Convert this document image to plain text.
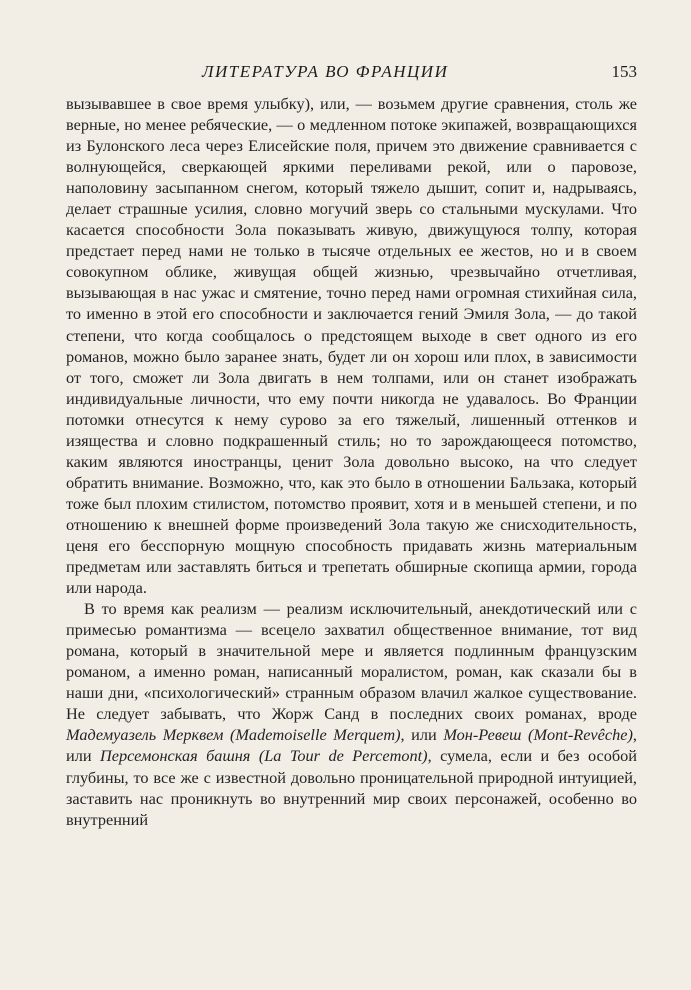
ЛИТЕРАТУРА ВО ФРАНЦИИ	153

вызывавшее в свое время улыбку), или, — возьмем другие сравнения, столь же верные, но менее ребяческие, — о медленном потоке экипажей, возвращающихся из Булонского леса через Елисейские поля, причем это движение сравнивается с волнующейся, сверкающей яркими переливами рекой, или о паровозе, наполовину засыпанном снегом, который тяжело дышит, сопит и, надрываясь, делает страшные усилия, словно могучий зверь со стальными мускулами. Что касается способности Зола показывать живую, движущуюся толпу, которая предстает перед нами не только в тысяче отдельных ее жестов, но и в своем совокупном облике, живущая общей жизнью, чрезвычайно отчетливая, вызывающая в нас ужас и смятение, точно перед нами огромная стихийная сила, то именно в этой его способности и заключается гений Эмиля Зола, — до такой степени, что когда сообщалось о предстоящем выходе в свет одного из его романов, можно было заранее знать, будет ли он хорош или плох, в зависимости от того, сможет ли Зола двигать в нем толпами, или он станет изображать индивидуальные личности, что ему почти никогда не удавалось. Во Франции потомки отнесутся к нему сурово за его тяжелый, лишенный оттенков и изящества и словно подкрашенный стиль; но то зарождающееся потомство, каким являются иностранцы, ценит Зола довольно высоко, на что следует обратить внимание. Возможно, что, как это было в отношении Бальзака, который тоже был плохим стилистом, потомство проявит, хотя и в меньшей степени, и по отношению к внешней форме произведений Зола такую же снисходительность, ценя его бесспорную мощную способность придавать жизнь материальным предметам или заставлять биться и трепетать обширные скопища армии, города или народа.

В то время как реализм — реализм исключительный, анекдотический или с примесью романтизма — всецело захватил общественное внимание, тот вид романа, который в значительной мере и является подлинным французским романом, а именно роман, написанный моралистом, роман, как сказали бы в наши дни, «психологический» странным образом влачил жалкое существование. Не следует забывать, что Жорж Санд в последних своих романах, вроде Мадемуазель Мерквем (Mademoiselle Merquem), или Мон-Ревеш (Mont-Revêche), или Персемонская башня (La Tour de Percemont), сумела, если и без особой глубины, то все же с известной довольно проницательной природной интуицией, заставить нас проникнуть во внутренний мир своих персонажей, особенно во внутренний
